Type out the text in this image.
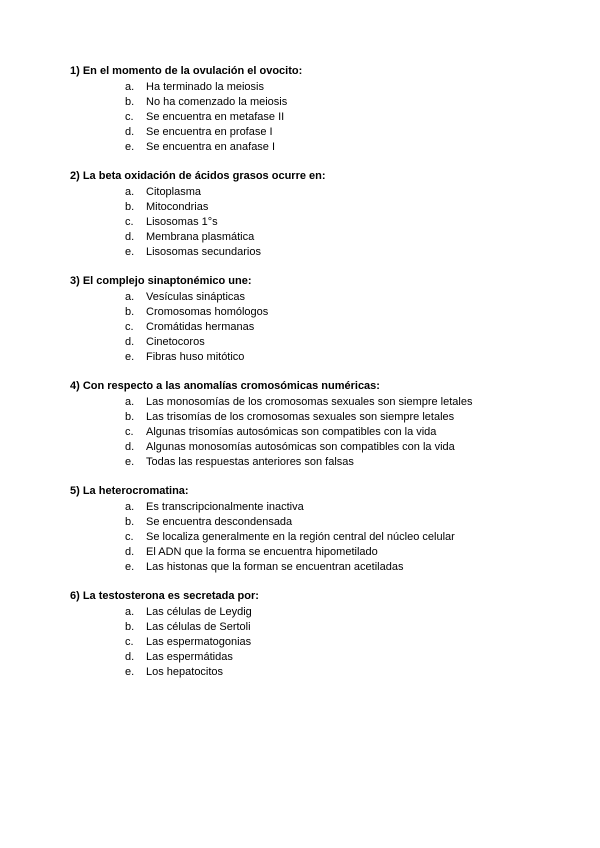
1) En el momento de la ovulación el ovocito:
a.	Ha terminado la meiosis
b.	No ha comenzado la meiosis
c.	Se encuentra en metafase II
d.	Se encuentra en profase I
e.	Se encuentra en anafase I
2) La beta oxidación de ácidos grasos ocurre en:
a.	Citoplasma
b.	Mitocondrias
c.	Lisosomas 1°s
d.	Membrana plasmática
e.	Lisosomas secundarios
3) El complejo sinaptonémico une:
a.	Vesículas sinápticas
b.	Cromosomas homólogos
c.	Cromátidas hermanas
d.	Cinetocoros
e.	Fibras huso mitótico
4) Con respecto a las anomalías cromosómicas numéricas:
a.	Las monosomías de los cromosomas sexuales son siempre letales
b.	Las trisomías de los cromosomas sexuales son siempre letales
c.	Algunas trisomías autosómicas son compatibles con la vida
d.	Algunas monosomías autosómicas son compatibles con la vida
e.	Todas las respuestas anteriores son falsas
5) La heterocromatina:
a.	Es transcripcionalmente inactiva
b.	Se encuentra descondensada
c.	Se localiza generalmente en la región central del núcleo celular
d.	El ADN que la forma se encuentra hipometilado
e.	Las histonas que la forman se encuentran acetiladas
6) La testosterona es secretada por:
a.	Las células de Leydig
b.	Las células de Sertoli
c.	Las espermatogonias
d.	Las espermátidas
e.	Los hepatocitos
